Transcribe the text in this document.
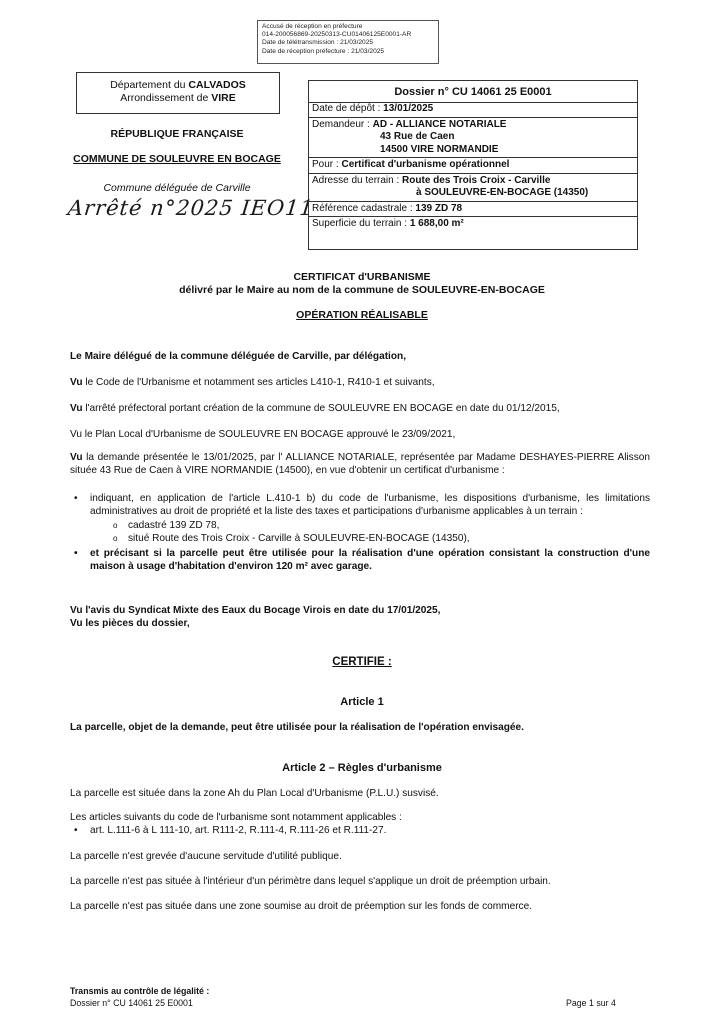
Accusé de réception en préfecture
014-200056869-20250313-CU01406125E0001-AR
Date de télétransmission : 21/03/2025
Date de réception préfecture : 21/03/2025
Département du CALVADOS
Arrondissement de VIRE
RÉPUBLIQUE FRANÇAISE
COMMUNE DE SOULEUVRE EN BOCAGE
Commune déléguée de Carville
Arrêté n°2025 IEO11
Dossier n° CU 14061 25 E0001
Date de dépôt : 13/01/2025
Demandeur : AD - ALLIANCE NOTARIALE
43 Rue de Caen
14500 VIRE NORMANDIE
Pour : Certificat d'urbanisme opérationnel
Adresse du terrain : Route des Trois Croix - Carville
à SOULEUVRE-EN-BOCAGE (14350)
Référence cadastrale : 139 ZD 78
Superficie du terrain : 1 688,00 m²
CERTIFICAT d'URBANISME
délivré par le Maire au nom de la commune de SOULEUVRE-EN-BOCAGE
OPÉRATION RÉALISABLE
Le Maire délégué de la commune déléguée de Carville, par délégation,
Vu le Code de l'Urbanisme et notamment ses articles L410-1, R410-1 et suivants,
Vu l'arrêté préfectoral portant création de la commune de SOULEUVRE EN BOCAGE en date du 01/12/2015,
Vu le Plan Local d'Urbanisme de SOULEUVRE EN BOCAGE approuvé le 23/09/2021,
Vu la demande présentée le 13/01/2025, par l' ALLIANCE NOTARIALE, représentée par Madame DESHAYES-PIERRE Alisson située 43 Rue de Caen à VIRE NORMANDIE (14500), en vue d'obtenir un certificat d'urbanisme :
• indiquant, en application de l'article L.410-1 b) du code de l'urbanisme, les dispositions d'urbanisme, les limitations administratives au droit de propriété et la liste des taxes et participations d'urbanisme applicables à un terrain :
o cadastré 139 ZD 78,
o situé Route des Trois Croix - Carville à SOULEUVRE-EN-BOCAGE (14350),
• et précisant si la parcelle peut être utilisée pour la réalisation d'une opération consistant la construction d'une maison à usage d'habitation d'environ 120 m² avec garage.
Vu l'avis du Syndicat Mixte des Eaux du Bocage Virois en date du 17/01/2025,
Vu les pièces du dossier,
CERTIFIE :
Article 1
La parcelle, objet de la demande, peut être utilisée pour la réalisation de l'opération envisagée.
Article 2 – Règles d'urbanisme
La parcelle est située dans la zone Ah du Plan Local d'Urbanisme (P.L.U.) susvisé.
Les articles suivants du code de l'urbanisme sont notamment applicables :
• art. L.111-6 à L 111-10, art. R111-2, R.111-4, R.111-26 et R.111-27.
La parcelle n'est grevée d'aucune servitude d'utilité publique.
La parcelle n'est pas située à l'intérieur d'un périmètre dans lequel s'applique un droit de préemption urbain.
La parcelle n'est pas située dans une zone soumise au droit de préemption sur les fonds de commerce.
Transmis au contrôle de légalité :
Dossier n° CU 14061 25 E0001	Page 1 sur 4
